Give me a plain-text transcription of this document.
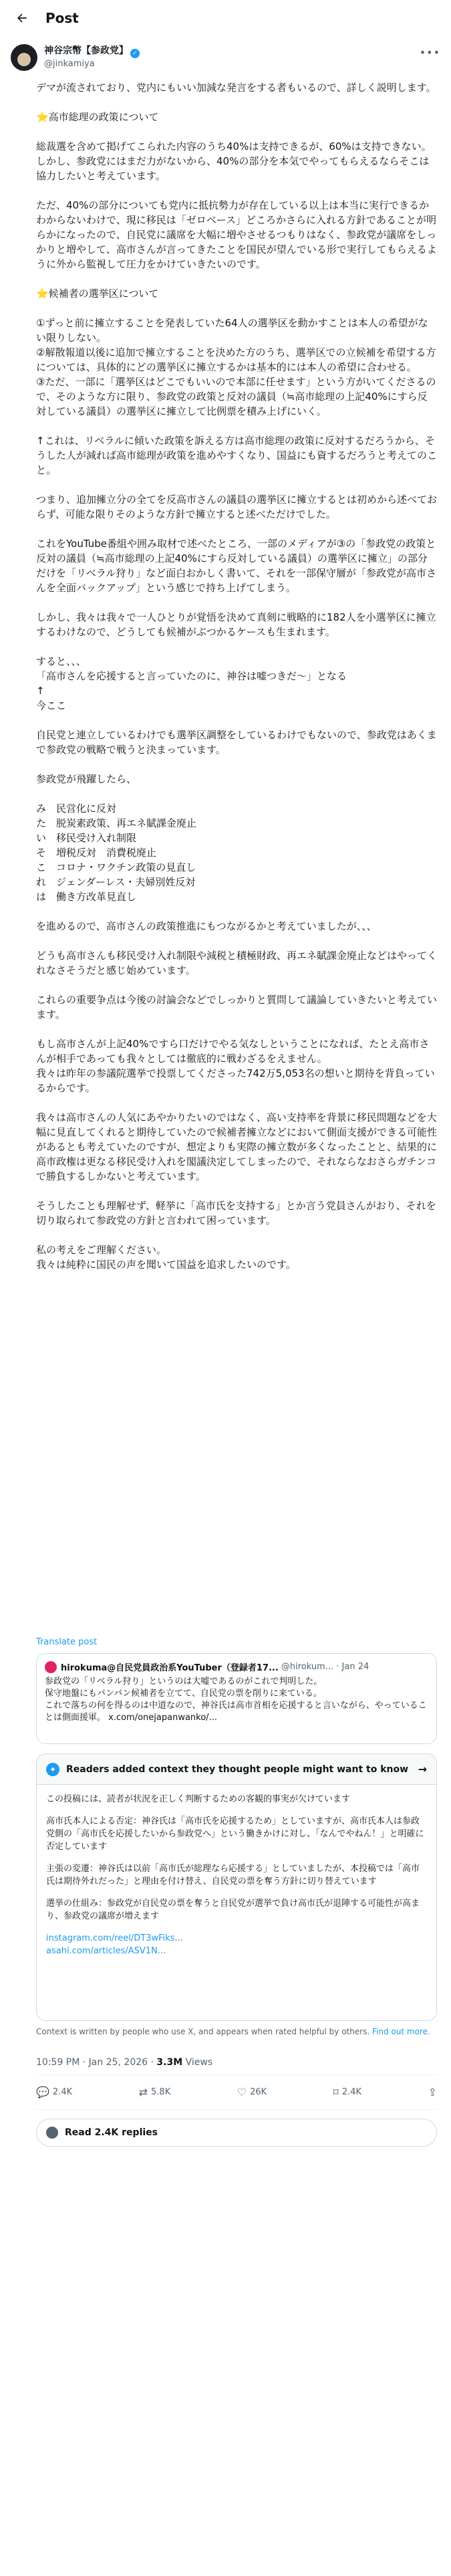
Post
神谷宗幣【参政党】 ✓
@jinkamiya
•••

デマが流されており、党内にもいい加減な発言をする者もいるので、詳しく説明します。

⭐高市総理の政策について

総裁選を含めて掲げてこられた内容のうち40%は支持できるが、60%は支持できない。
しかし、参政党にはまだ力がないから、40%の部分を本気でやってもらえるならそこは協力したいと考えています。

ただ、40%の部分についても党内に抵抗勢力が存在している以上は本当に実行できるかわからないわけで、現に移民は「ゼロベース」どころかさらに入れる方針であることが明らかになったので、自民党に議席を大幅に増やさせるつもりはなく、参政党が議席をしっかりと増やして、高市さんが言ってきたことを国民が望んでいる形で実行してもらえるように外から監視して圧力をかけていきたいのです。

⭐候補者の選挙区について

①ずっと前に擁立することを発表していた64人の選挙区を動かすことは本人の希望がない限りしない。
②解散報道以後に追加で擁立することを決めた方のうち、選挙区での立候補を希望する方については、具体的にどの選挙区に擁立するかは基本的には本人の希望に合わせる。
③ただ、一部に「選挙区はどこでもいいので本部に任せます」という方がいてくださるので、そのような方に限り、参政党の政策と反対の議員（≒高市総理の上記40%にすら反対している議員）の選挙区に擁立して比例票を積み上げにいく。

↑これは、リベラルに傾いた政策を訴える方は高市総理の政策に反対するだろうから、そうした人が減れば高市総理が政策を進めやすくなり、国益にも資するだろうと考えてのこと。

つまり、追加擁立分の全てを反高市さんの議員の選挙区に擁立するとは初めから述べておらず、可能な限りそのような方針で擁立すると述べただけでした。

これをYouTube番組や囲み取材で述べたところ、一部のメディアが③の「参政党の政策と反対の議員（≒高市総理の上記40%にすら反対している議員）の選挙区に擁立」の部分だけを「リベラル狩り」など面白おかしく書いて、それを一部保守層が「参政党が高市さんを全面バックアップ」という感じで持ち上げてしまう。

しかし、我々は我々で一人ひとりが覚悟を決めて真剣に戦略的に182人を小選挙区に擁立するわけなので、どうしても候補がぶつかるケースも生まれます。

すると、、、
「高市さんを応援すると言っていたのに、神谷は嘘つきだ〜」となる
↑
今ここ

自民党と連立しているわけでも選挙区調整をしているわけでもないので、参政党はあくまで参政党の戦略で戦うと決まっています。

参政党が飛躍したら、

み　民営化に反対
た　脱炭素政策、再エネ賦課金廃止
い　移民受け入れ制限
そ　増税反対　消費税廃止
こ　コロナ・ワクチン政策の見直し
れ　ジェンダーレス・夫婦別姓反対
は　働き方改革見直し

を進めるので、高市さんの政策推進にもつながるかと考えていましたが、、、

どうも高市さんも移民受け入れ制限や減税と積極財政、再エネ賦課金廃止などはやってくれなさそうだと感じ始めています。

これらの重要争点は今後の討論会などでしっかりと質問して議論していきたいと考えています。

もし高市さんが上記40%ですら口だけでやる気なしということになれば、たとえ高市さんが相手であっても我々としては徹底的に戦わざるをえません。
我々は昨年の参議院選挙で投票してくださった742万5,053名の想いと期待を背負っているからです。

我々は高市さんの人気にあやかりたいのではなく、高い支持率を背景に移民問題などを大幅に見直してくれると期待していたので候補者擁立などにおいて側面支援ができる可能性があるとも考えていたのですが、想定よりも実際の擁立数が多くなったことと、結果的に高市政権は更なる移民受け入れを閣議決定してしまったので、それならなおさらガチンコで勝負するしかないと考えています。

そうしたことも理解せず、軽挙に「高市氏を支持する」とか言う党員さんがおり、それを切り取られて参政党の方針と言われて困っています。

私の考えをご理解ください。
我々は純粋に国民の声を聞いて国益を追求したいのです。

Translate post
hirokuma@自民党員政治系YouTuber（登録者17... @hirokum... · Jan 24
参政党の「リベラル狩り」というのは大嘘であるのがこれで判明した。
保守地盤にもバンバン候補者を立てて、自民党の票を削りに来ている。
これで落ちの何を得るのは中道なので、神谷氏は高市首相を応援すると言いながら、やっていることは側面援軍。 x.com/onejapanwanko/...
✦	Readers added context they thought people might want to know →

この投稿には、読者が状況を正しく判断するための客観的事実が欠けています

高市氏本人による否定：神谷氏は「高市氏を応援するため」としていますが、高市氏本人は参政党側の「高市氏を応援したいから参政党へ」という働きかけに対し、「なんでやねん！」と明確に否定しています

主張の変遷：神谷氏は以前「高市氏が総理なら応援する」としていましたが、本投稿では「高市氏は期待外れだった」と理由を付け替え、自民党の票を奪う方針に切り替えています

選挙の仕組み：参政党が自民党の票を奪うと自民党が選挙で負け高市氏が退陣する可能性が高まり、参政党の議席が増えます

instagram.com/reel/DT3wFiks...

asahi.com/articles/ASV1N...

Context is written by people who use X, and appears when rated helpful by others. Find out more.
10:59 PM · Jan 25, 2026 · 3.3M Views
💬 2.4K	⇄ 5.8K	♡ 26K	⌑ 2.4K	⇪
Read 2.4K replies
